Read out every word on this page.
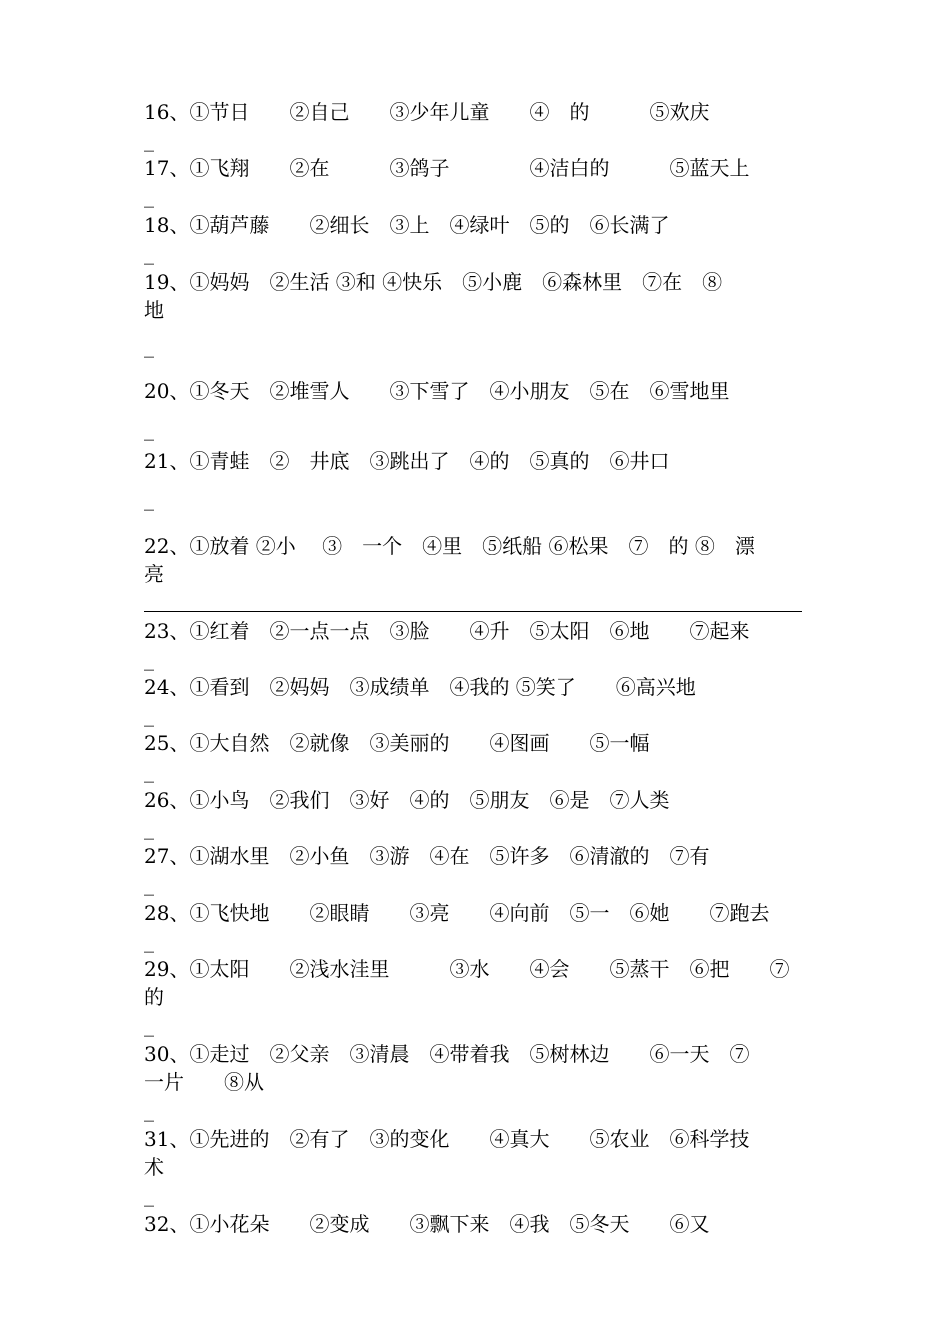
16、①节日　　②自己　　③少年儿童　　④　的　　　⑤欢庆
_
17、①飞翔　　②在　　　③鸽子　　　　④洁白的　　　⑤蓝天上
_
18、①葫芦藤　　②细长　③上　④绿叶　⑤的　⑥长满了
_
19、①妈妈　②生活 ③和 ④快乐　⑤小鹿　⑥森林里　⑦在　⑧
地
_
20、①冬天　②堆雪人　　③下雪了　④小朋友　⑤在　⑥雪地里
_
21、①青蛙　②　井底　③跳出了　④的　⑤真的　⑥井口
_
22、①放着 ②小　 ③　一个　④里　⑤纸船 ⑥松果　⑦　的 ⑧　漂
亮
23、①红着　②一点一点　③脸　　④升　⑤太阳　⑥地　　⑦起来
_
24、①看到　②妈妈　③成绩单　④我的 ⑤笑了　　⑥高兴地
_
25、①大自然　②就像　③美丽的　　④图画　　⑤一幅
_
26、①小鸟　②我们　③好　④的　⑤朋友　⑥是　⑦人类
_
27、①湖水里　②小鱼　③游　④在　⑤许多　⑥清澈的　⑦有
_
28、①飞快地　　②眼睛　　③亮　　④向前　⑤一　⑥她　　⑦跑去
_
29、①太阳　　②浅水洼里　　　③水　　④会　　⑤蒸干　⑥把　　⑦
的
_
30、①走过　②父亲　③清晨　④带着我　⑤树林边　　⑥一天　⑦
一片　　⑧从
_
31、①先进的　②有了　③的变化　　④真大　　⑤农业　⑥科学技
术
_
32、①小花朵　　②变成　　③飘下来　④我　⑤冬天　　⑥又
